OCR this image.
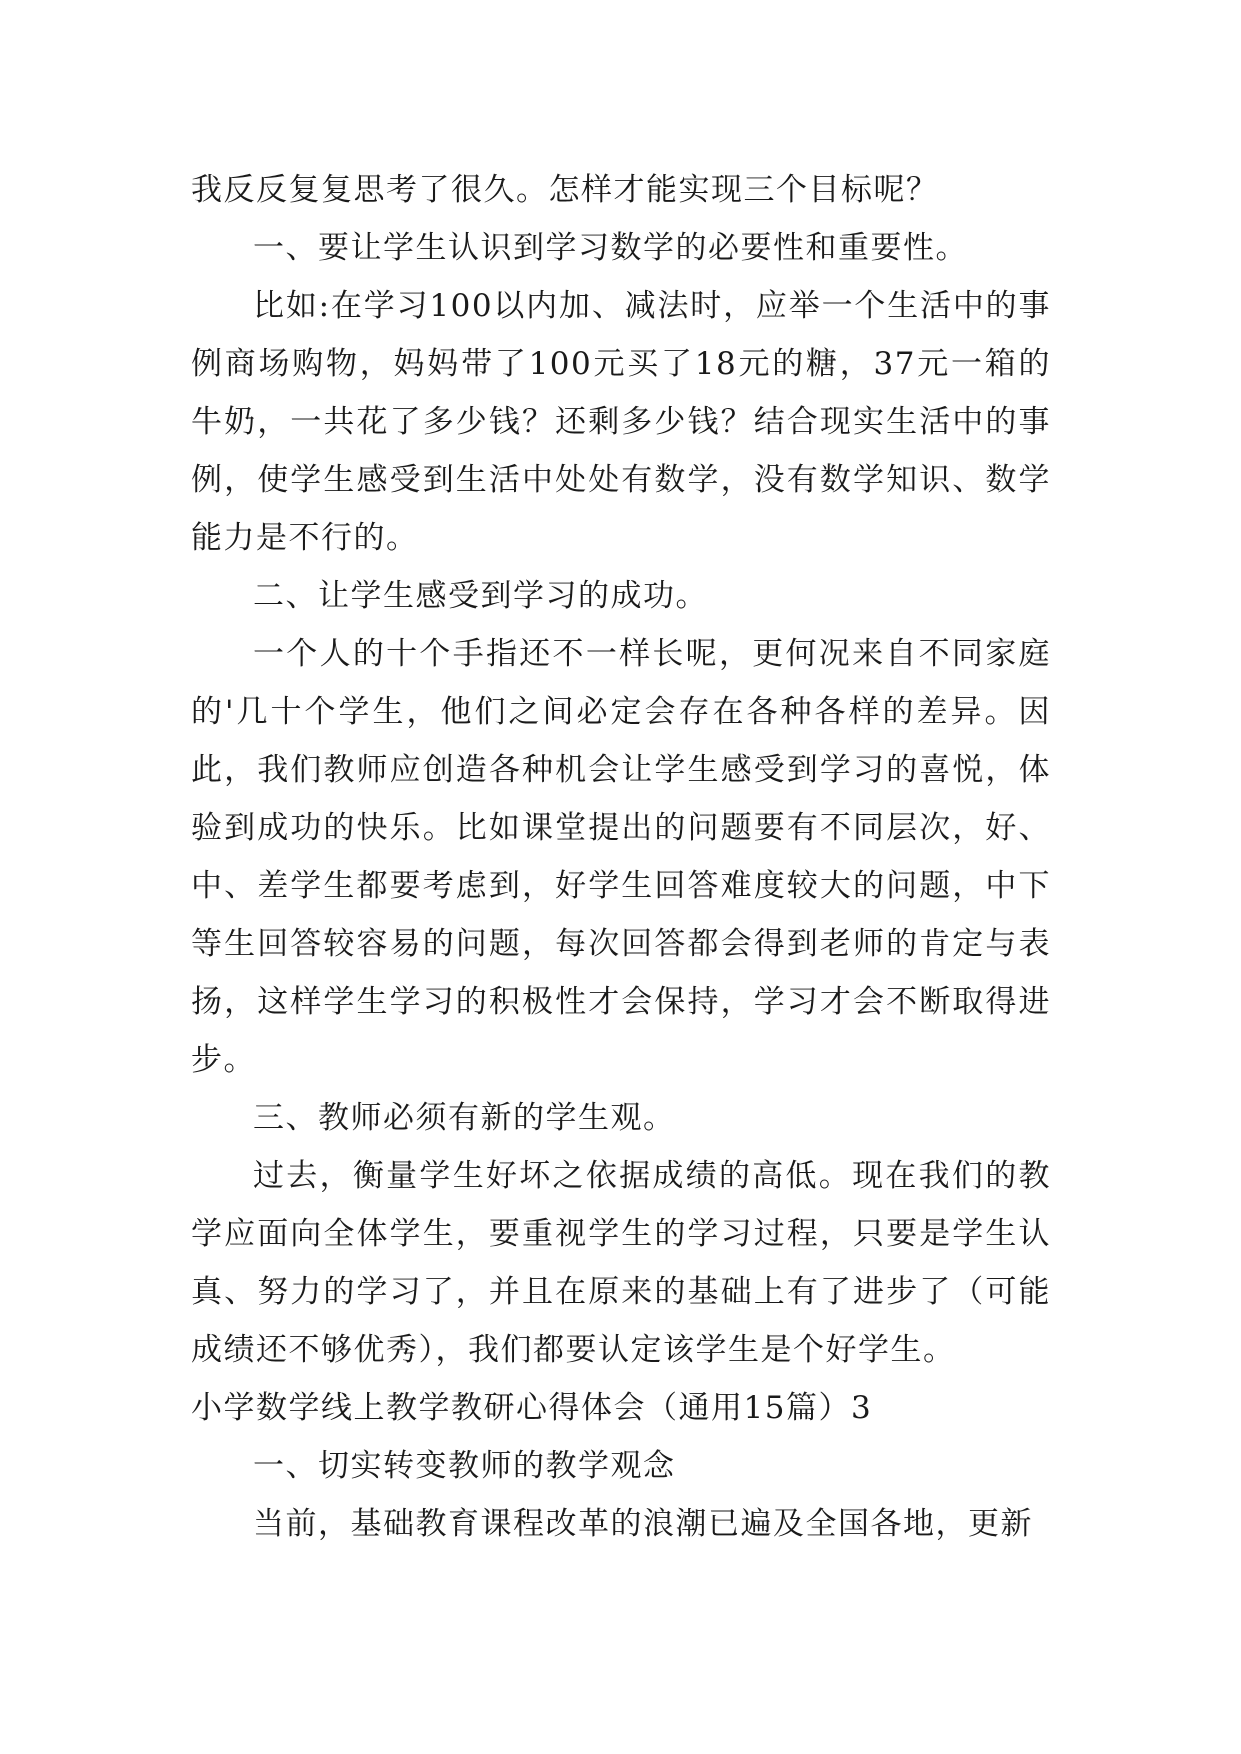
我反反复复思考了很久。怎样才能实现三个目标呢？

一、要让学生认识到学习数学的必要性和重要性。

比如:在学习100以内加、减法时，应举一个生活中的事例商场购物，妈妈带了100元买了18元的糖，37元一箱的牛奶，一共花了多少钱？还剩多少钱？结合现实生活中的事例，使学生感受到生活中处处有数学，没有数学知识、数学能力是不行的。

二、让学生感受到学习的成功。

一个人的十个手指还不一样长呢，更何况来自不同家庭的'几十个学生，他们之间必定会存在各种各样的差异。因此，我们教师应创造各种机会让学生感受到学习的喜悦，体验到成功的快乐。比如课堂提出的问题要有不同层次，好、中、差学生都要考虑到，好学生回答难度较大的问题，中下等生回答较容易的问题，每次回答都会得到老师的肯定与表扬，这样学生学习的积极性才会保持，学习才会不断取得进步。

三、教师必须有新的学生观。

过去，衡量学生好坏之依据成绩的高低。现在我们的教学应面向全体学生，要重视学生的学习过程，只要是学生认真、努力的学习了，并且在原来的基础上有了进步了（可能成绩还不够优秀），我们都要认定该学生是个好学生。

小学数学线上教学教研心得体会（通用15篇）3

一、切实转变教师的教学观念

当前，基础教育课程改革的浪潮已遍及全国各地，更新
